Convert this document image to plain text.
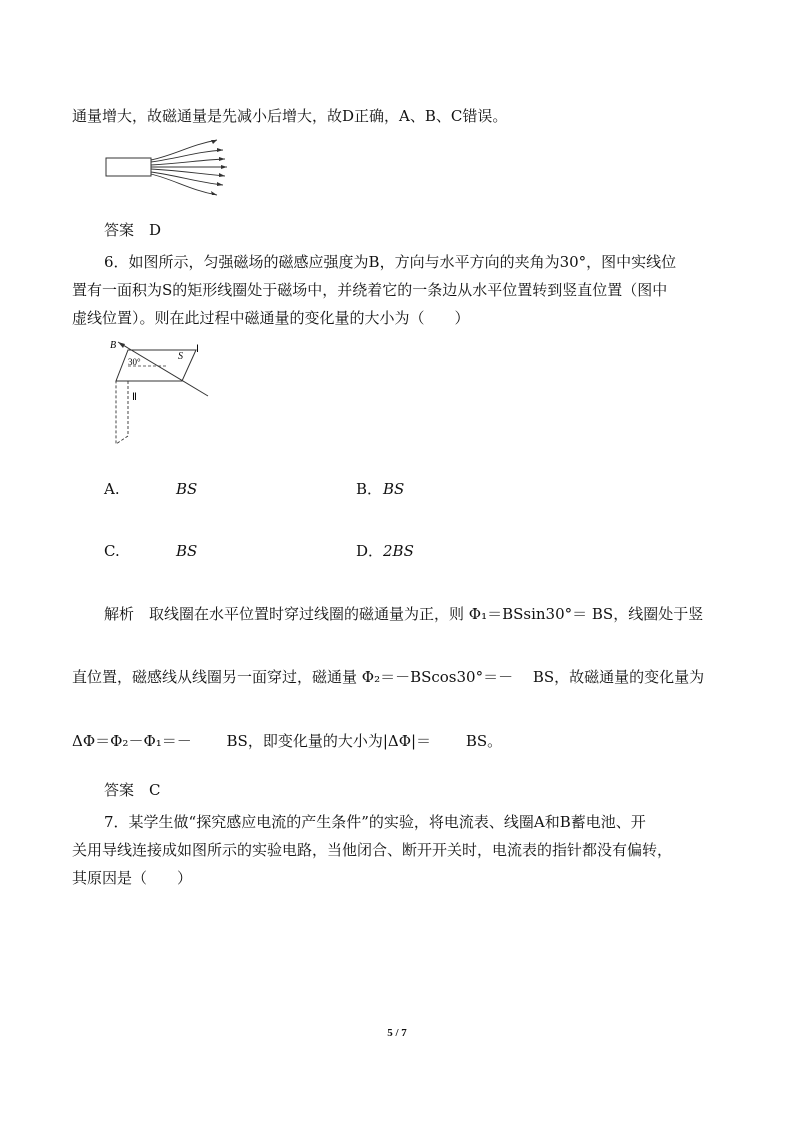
通量增大，故磁通量是先减小后增大，故D正确，A、B、C错误。
答案　D
6．如图所示，匀强磁场的磁感应强度为B，方向与水平方向的夹角为30°，图中实线位
置有一面积为S的矩形线圈处于磁场中，并绕着它的一条边从水平位置转到竖直位置（图中
虚线位置）。则在此过程中磁通量的变化量的大小为（　　）
B
30°	S
Ⅰ
Ⅱ
A.	BS	B． BS
C.	BS	D． 2BS
解析　取线圈在水平位置时穿过线圈的磁通量为正，则 Φ₁＝BSsin30°＝ BS，线圈处于竖
直位置，磁感线从线圈另一面穿过，磁通量 Φ₂＝－BScos30°＝－　 BS，故磁通量的变化量为
ΔΦ＝Φ₂－Φ₁＝－　　 BS，即变化量的大小为|ΔΦ|＝　　 BS。
答案　C
7．某学生做“探究感应电流的产生条件”的实验，将电流表、线圈A和B蓄电池、开
关用导线连接成如图所示的实验电路，当他闭合、断开开关时，电流表的指针都没有偏转，
其原因是（　　）
5 / 7
